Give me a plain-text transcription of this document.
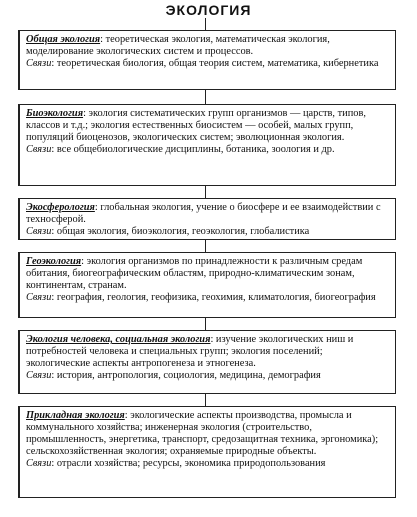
ЭКОЛОГИЯ
Общая экология: теоретическая экология, математическая экология, моделирование экологических систем и процессов.
Связи: теоретическая биология, общая теория систем, математика, кибернетика
Биоэкология: экология систематических групп организмов — царств, типов, классов и т.д.; экология естественных биосистем — особей, малых групп, популяций биоценозов, экологических систем; эволюционная экология.
Связи: все общебиологические дисциплины, ботаника, зоология и др.
Экосферология: глобальная экология, учение о биосфере и ее взаимодействии с техносферой.
Связи: общая экология, биоэкология, геоэкология, глобалистика
Геоэкология: экология организмов по принадлежности к различным средам обитания, биогеографическим областям, природно-климатическим зонам, континентам, странам.
Связи: география, геология, геофизика, геохимия, климатология, биогеография
Экология человека, социальная экология: изучение экологических ниш и потребностей человека и специальных групп; экология поселений; экологические аспекты антропогенеза и этногенеза.
Связи: история, антропология, социология, медицина, демография
Прикладная экология: экологические аспекты производства, промысла и коммунального хозяйства; инженерная экология (строительство, промышленность, энергетика, транспорт, средозащитная техника, эргономика); сельскохозяйственная экология; охраняемые природные объекты.
Связи: отрасли хозяйства; ресурсы, экономика природопользования
